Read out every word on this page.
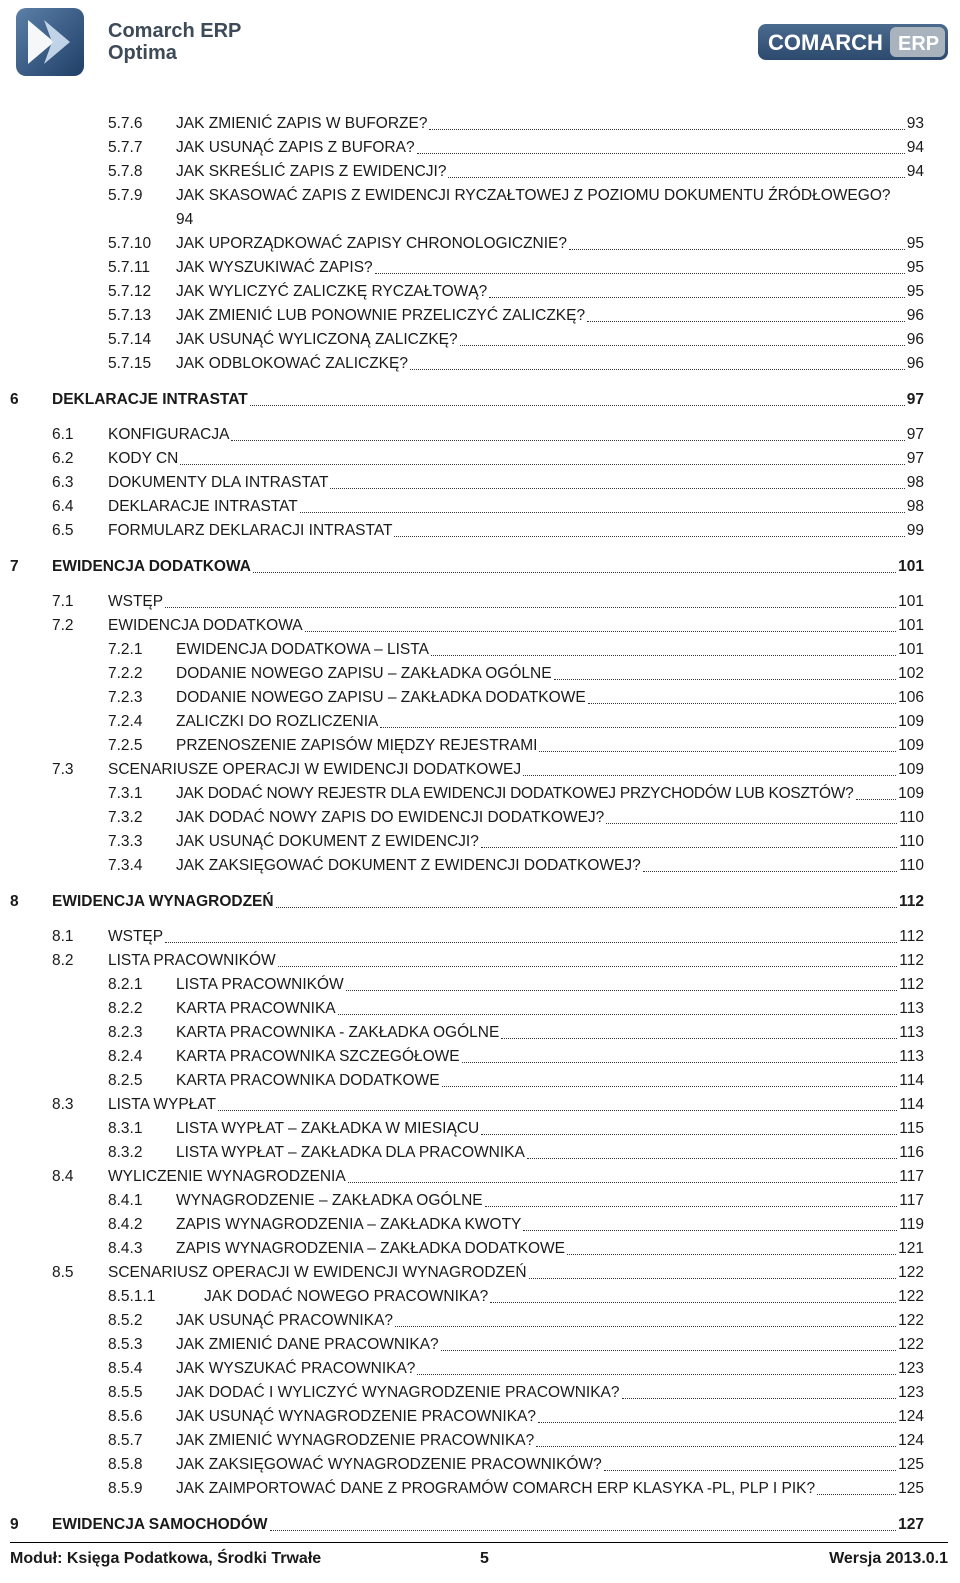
Comarch ERP
Optima	COMARCH ERP
5.7.6 JAK ZMIENIĆ ZAPIS W BUFORZE?	93
5.7.7 JAK USUNĄĆ ZAPIS Z BUFORA?	94
5.7.8 JAK SKREŚLIĆ ZAPIS Z EWIDENCJI?	94
5.7.9 JAK SKASOWAĆ ZAPIS Z EWIDENCJI RYCZAŁTOWEJ Z POZIOMU DOKUMENTU ŹRÓDŁOWEGO?
94
5.7.10 JAK UPORZĄDKOWAĆ ZAPISY CHRONOLOGICZNIE?	95
5.7.11 JAK WYSZUKIWAĆ ZAPIS?	95
5.7.12 JAK WYLICZYĆ ZALICZKĘ RYCZAŁTOWĄ?	95
5.7.13 JAK ZMIENIĆ LUB PONOWNIE PRZELICZYĆ ZALICZKĘ?	96
5.7.14 JAK USUNĄĆ WYLICZONĄ ZALICZKĘ?	96
5.7.15 JAK ODBLOKOWAĆ ZALICZKĘ?	96
6 DEKLARACJE INTRASTAT	97
6.1 KONFIGURACJA	97
6.2 KODY CN	97
6.3 DOKUMENTY DLA INTRASTAT	98
6.4 DEKLARACJE INTRASTAT	98
6.5 FORMULARZ DEKLARACJI INTRASTAT	99
7 EWIDENCJA DODATKOWA	101
7.1 WSTĘP	101
7.2 EWIDENCJA DODATKOWA	101
7.2.1 EWIDENCJA DODATKOWA – LISTA	101
7.2.2 DODANIE NOWEGO ZAPISU – ZAKŁADKA OGÓLNE	102
7.2.3 DODANIE NOWEGO ZAPISU – ZAKŁADKA DODATKOWE	106
7.2.4 ZALICZKI DO ROZLICZENIA	109
7.2.5 PRZENOSZENIE ZAPISÓW MIĘDZY REJESTRAMI	109
7.3 SCENARIUSZE OPERACJI W EWIDENCJI DODATKOWEJ	109
7.3.1 JAK DODAĆ NOWY REJESTR DLA EWIDENCJI DODATKOWEJ PRZYCHODÓW LUB KOSZTÓW?	109
7.3.2 JAK DODAĆ NOWY ZAPIS DO EWIDENCJI DODATKOWEJ?	110
7.3.3 JAK USUNĄĆ DOKUMENT Z EWIDENCJI?	110
7.3.4 JAK ZAKSIĘGOWAĆ DOKUMENT Z EWIDENCJI DODATKOWEJ?	110
8 EWIDENCJA WYNAGRODZEŃ	112
8.1 WSTĘP	112
8.2 LISTA PRACOWNIKÓW	112
8.2.1 LISTA PRACOWNIKÓW	112
8.2.2 KARTA PRACOWNIKA	113
8.2.3 KARTA PRACOWNIKA - ZAKŁADKA OGÓLNE	113
8.2.4 KARTA PRACOWNIKA SZCZEGÓŁOWE	113
8.2.5 KARTA PRACOWNIKA DODATKOWE	114
8.3 LISTA WYPŁAT	114
8.3.1 LISTA WYPŁAT – ZAKŁADKA W MIESIĄCU	115
8.3.2 LISTA WYPŁAT – ZAKŁADKA DLA PRACOWNIKA	116
8.4 WYLICZENIE WYNAGRODZENIA	117
8.4.1 WYNAGRODZENIE – ZAKŁADKA OGÓLNE	117
8.4.2 ZAPIS WYNAGRODZENIA – ZAKŁADKA KWOTY	119
8.4.3 ZAPIS WYNAGRODZENIA – ZAKŁADKA DODATKOWE	121
8.5 SCENARIUSZ OPERACJI W EWIDENCJI WYNAGRODZEŃ	122
8.5.1.1	JAK DODAĆ NOWEGO PRACOWNIKA?	122
8.5.2 JAK USUNĄĆ PRACOWNIKA?	122
8.5.3 JAK ZMIENIĆ DANE PRACOWNIKA?	122
8.5.4 JAK WYSZUKAĆ PRACOWNIKA?	123
8.5.5 JAK DODAĆ I WYLICZYĆ WYNAGRODZENIE PRACOWNIKA?	123
8.5.6 JAK USUNĄĆ WYNAGRODZENIE PRACOWNIKA?	124
8.5.7 JAK ZMIENIĆ WYNAGRODZENIE PRACOWNIKA?	124
8.5.8 JAK ZAKSIĘGOWAĆ WYNAGRODZENIE PRACOWNIKÓW?	125
8.5.9 JAK ZAIMPORTOWAĆ DANE Z PROGRAMÓW COMARCH ERP KLASYKA -PL, PLP I PIK?	125
9 EWIDENCJA SAMOCHODÓW	127
Moduł: Księga Podatkowa, Środki Trwałe	5	Wersja 2013.0.1
